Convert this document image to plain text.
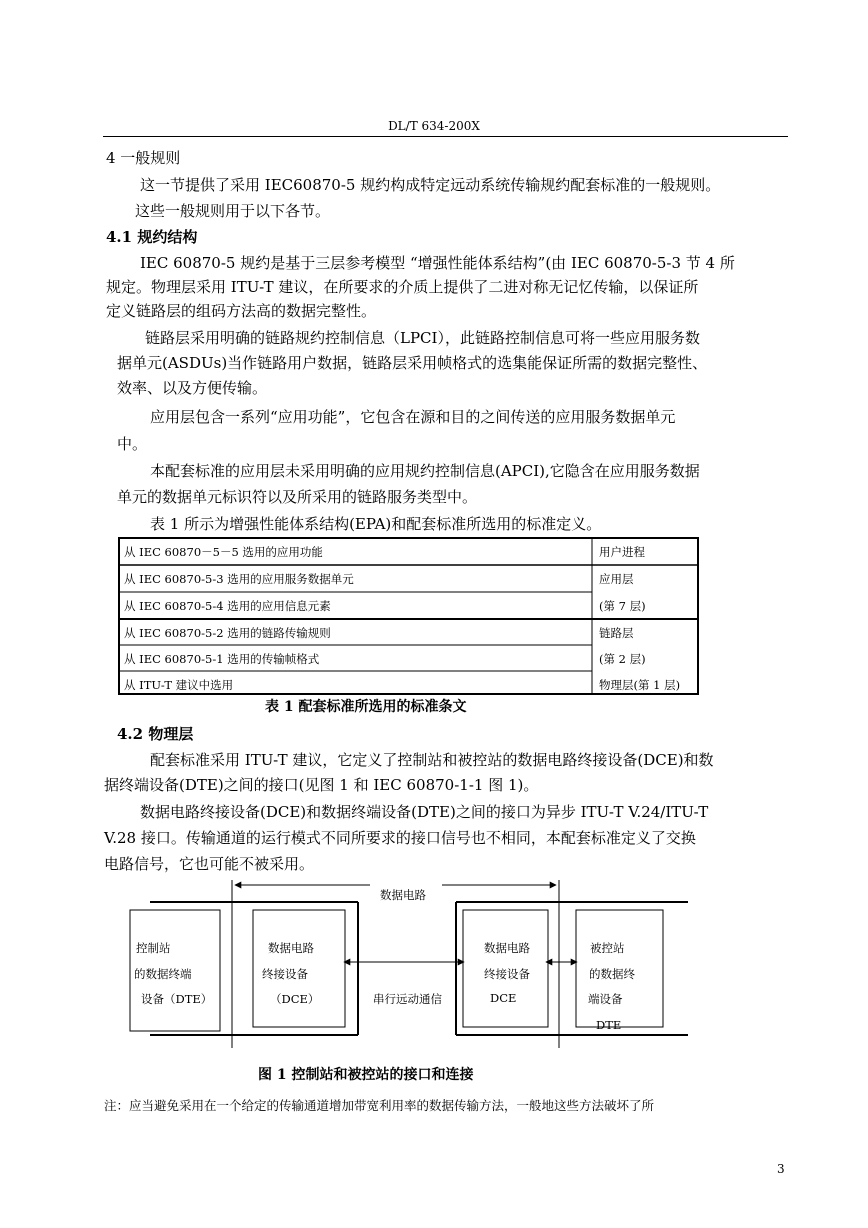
DL/T 634-200X
4 一般规则
这一节提供了采用 IEC60870-5 规约构成特定远动系统传输规约配套标准的一般规则。
这些一般规则用于以下各节。
4.1 规约结构
IEC 60870-5 规约是基于三层参考模型 “增强性能体系结构”(由 IEC 60870-5-3 节 4 所
规定。物理层采用 ITU-T 建议，在所要求的介质上提供了二进对称无记忆传输，以保证所
定义链路层的组码方法高的数据完整性。
链路层采用明确的链路规约控制信息（LPCI），此链路控制信息可将一些应用服务数
据单元(ASDUs)当作链路用户数据，链路层采用帧格式的选集能保证所需的数据完整性、
效率、以及方便传输。
应用层包含一系列“应用功能”，它包含在源和目的之间传送的应用服务数据单元
中。
本配套标准的应用层未采用明确的应用规约控制信息(APCI),它隐含在应用服务数据
单元的数据单元标识符以及所采用的链路服务类型中。
表 1 所示为增强性能体系结构(EPA)和配套标准所选用的标准定义。
从 IEC 60870－5－5 选用的应用功能
从 IEC 60870-5-3 选用的应用服务数据单元
从 IEC 60870-5-4 选用的应用信息元素
从 IEC 60870-5-2 选用的链路传输规则
从 IEC 60870-5-1 选用的传输帧格式
从 ITU-T 建议中选用
用户进程
应用层
(第 7 层)
链路层
(第 2 层)
物理层(第 1 层)
表 1 配套标准所选用的标准条文
4.2 物理层
配套标准采用 ITU-T 建议，它定义了控制站和被控站的数据电路终接设备(DCE)和数
据终端设备(DTE)之间的接口(见图 1 和 IEC 60870-1-1 图 1)。
数据电路终接设备(DCE)和数据终端设备(DTE)之间的接口为异步 ITU-T V.24/ITU-T
V.28 接口。传输通道的运行模式不同所要求的接口信号也不相同，本配套标准定义了交换
电路信号，它也可能不被采用。
数据电路
控制站
的数据终端
设备（DTE）
数据电路
终接设备
（DCE）	串行远动通信
数据电路
终接设备
DCE
被控站
的数据终
端设备
DTE
图 1 控制站和被控站的接口和连接
注：应当避免采用在一个给定的传输通道增加带宽利用率的数据传输方法，一般地这些方法破坏了所
3
